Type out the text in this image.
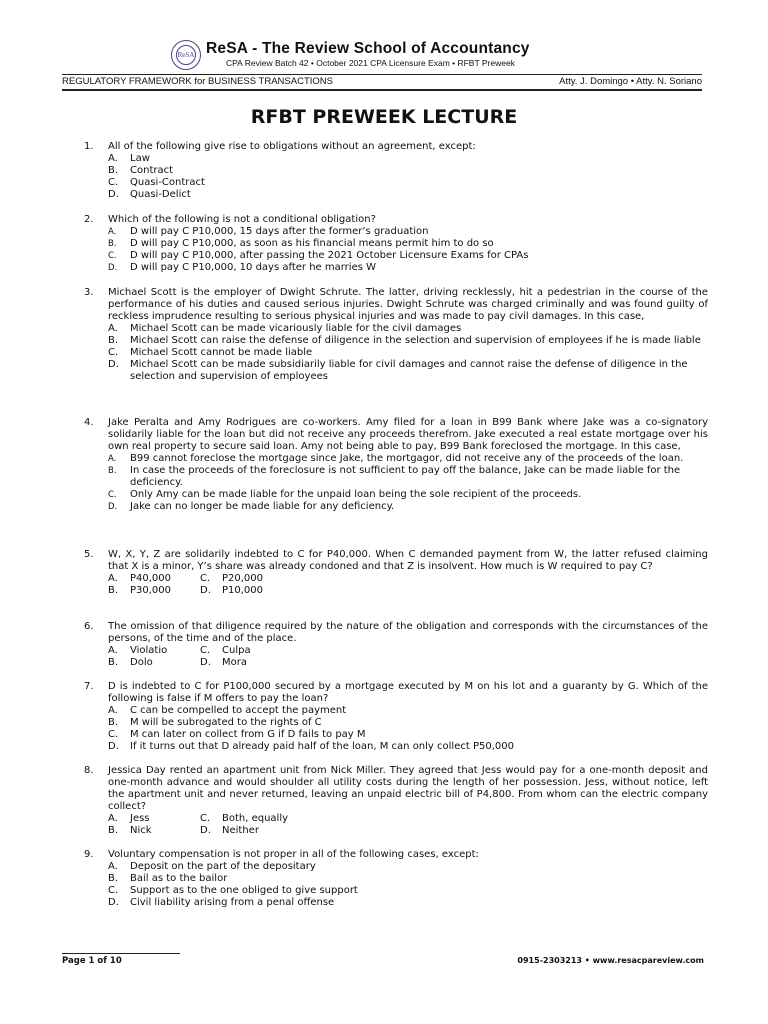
ReSA ReSA - The Review School of Accountancy
CPA Review Batch 42 • October 2021 CPA Licensure Exam • RFBT Preweek
REGULATORY FRAMEWORK for BUSINESS TRANSACTIONS	Atty. J. Domingo • Atty. N. Soriano
RFBT PREWEEK LECTURE
1.	All of the following give rise to obligations without an agreement, except:
A.	Law
B.	Contract
C.	Quasi-Contract
D.	Quasi-Delict
2.	Which of the following is not a conditional obligation?
A.	D will pay C P10,000, 15 days after the former’s graduation
B.	D will pay C P10,000, as soon as his financial means permit him to do so
C.	D will pay C P10,000, after passing the 2021 October Licensure Exams for CPAs
D.	D will pay C P10,000, 10 days after he marries W
3.	Michael Scott is the employer of Dwight Schrute. The latter, driving recklessly, hit a pedestrian in the course of the performance of his duties and caused serious injuries. Dwight Schrute was charged criminally and was found guilty of reckless imprudence resulting to serious physical injuries and was made to pay civil damages. In this case,
A.	Michael Scott can be made vicariously liable for the civil damages
B.	Michael Scott can raise the defense of diligence in the selection and supervision of employees if he is made liable
C.	Michael Scott cannot be made liable
D.	Michael Scott can be made subsidiarily liable for civil damages and cannot raise the defense of diligence in the selection and supervision of employees
4.	Jake Peralta and Amy Rodrigues are co-workers. Amy filed for a loan in B99 Bank where Jake was a co-signatory solidarily liable for the loan but did not receive any proceeds therefrom. Jake executed a real estate mortgage over his own real property to secure said loan. Amy not being able to pay, B99 Bank foreclosed the mortgage. In this case,
A.	B99 cannot foreclose the mortgage since Jake, the mortgagor, did not receive any of the proceeds of the loan.
B.	In case the proceeds of the foreclosure is not sufficient to pay off the balance, Jake can be made liable for the deficiency.
C.	Only Amy can be made liable for the unpaid loan being the sole recipient of the proceeds.
D.	Jake can no longer be made liable for any deficiency.
5.	W, X, Y, Z are solidarily indebted to C for P40,000. When C demanded payment from W, the latter refused claiming that X is a minor, Y’s share was already condoned and that Z is insolvent. How much is W required to pay C?
A.	P40,000	C.	P20,000
B.	P30,000	D.	P10,000
6.	The omission of that diligence required by the nature of the obligation and corresponds with the circumstances of the persons, of the time and of the place.
A.	Violatio	C.	Culpa
B.	Dolo	D.	Mora
7.	D is indebted to C for P100,000 secured by a mortgage executed by M on his lot and a guaranty by G. Which of the following is false if M offers to pay the loan?
A.	C can be compelled to accept the payment
B.	M will be subrogated to the rights of C
C.	M can later on collect from G if D fails to pay M
D.	If it turns out that D already paid half of the loan, M can only collect P50,000
8.	Jessica Day rented an apartment unit from Nick Miller. They agreed that Jess would pay for a one-month deposit and one-month advance and would shoulder all utility costs during the length of her possession. Jess, without notice, left the apartment unit and never returned, leaving an unpaid electric bill of P4,800. From whom can the electric company collect?
A.	Jess	C.	Both, equally
B.	Nick	D.	Neither
9.	Voluntary compensation is not proper in all of the following cases, except:
A.	Deposit on the part of the depositary
B.	Bail as to the bailor
C.	Support as to the one obliged to give support
D.	Civil liability arising from a penal offense
Page 1 of 10	0915-2303213 • www.resacpareview.com
